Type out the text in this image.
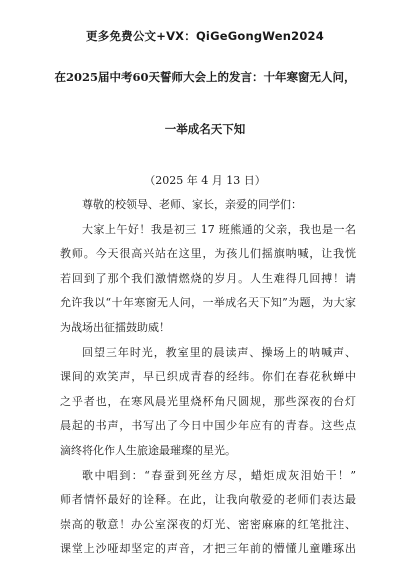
更多免费公文+VX：QiGeGongWen2024
在2025届中考60天誓师大会上的发言：十年寒窗无人问，
一举成名天下知
（2025 年 4 月 13 日）
尊敬的校领导、老师、家长，亲爱的同学们：
大家上午好！我是初三 17 班熊通的父亲，我也是一名
教师。今天很高兴站在这里，为孩儿们摇旗呐喊，让我恍
若回到了那个我们激情燃烧的岁月。人生难得几回搏！请
允许我以“十年寒窗无人问，一举成名天下知”为题，为大家
为战场出征擂鼓助威！
回望三年时光，教室里的晨读声、操场上的呐喊声、
课间的欢笑声，早已织成青春的经纬。你们在春花秋蝉中
之乎者也，在寒风晨光里烧杯角尺圆规，那些深夜的台灯
晨起的书声，书写出了今日中国少年应有的青春。这些点
滴终将化作人生旅途最璀璨的星光。
歌中唱到：“春蚕到死丝方尽，蜡炬成灰泪始干！”
师者情怀最好的诠释。在此，让我向敬爱的老师们表达最
崇高的敬意！办公室深夜的灯光、密密麻麻的红笔批注、
课堂上沙哑却坚定的声音，才把三年前的懵懂儿童雕琢出
